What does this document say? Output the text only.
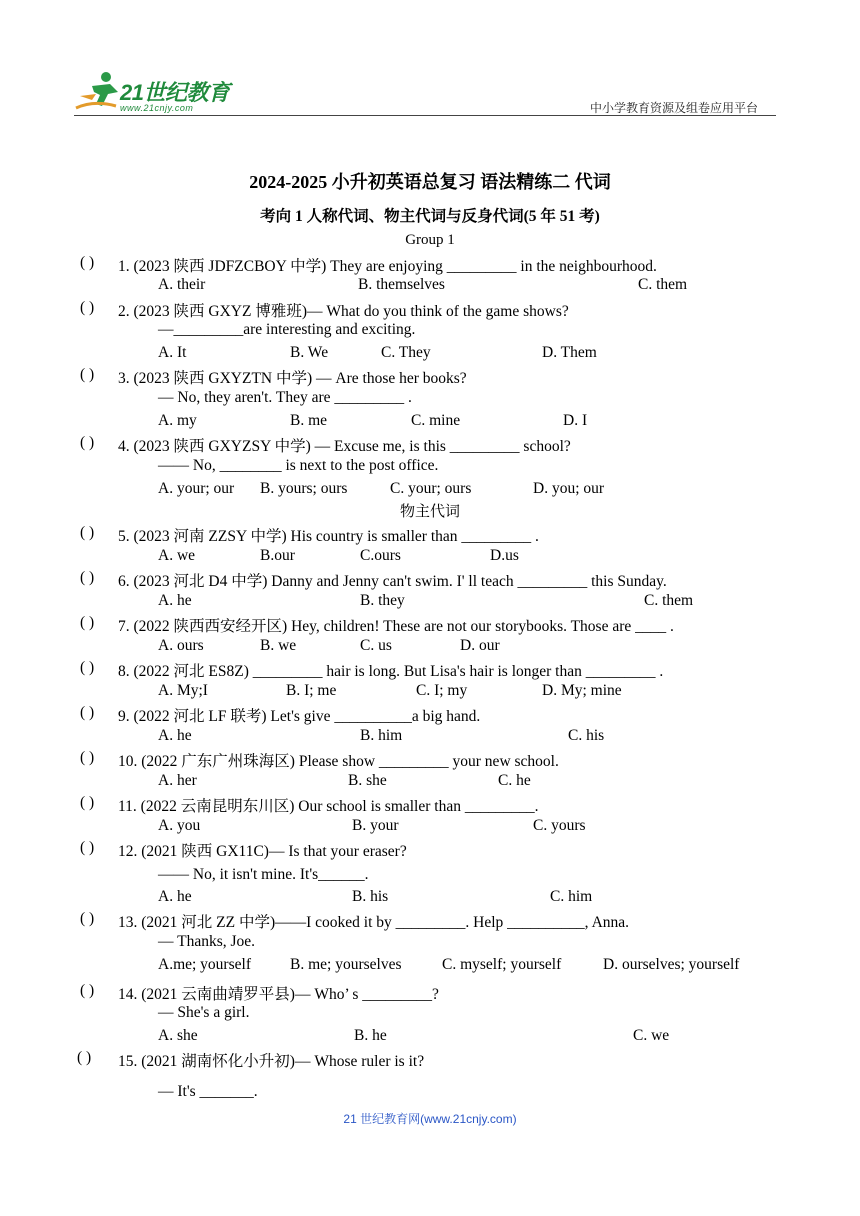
21世纪教育
www.21cnjy.com	中小学教育资源及组卷应用平台
2024-2025 小升初英语总复习 语法精练二 代词
考向 1 人称代词、物主代词与反身代词(5 年 51 考)
Group 1
物主代词
( ) 1. (2023 陕西 JDFZCBOY 中学) They are enjoying _________ in the neighbourhood.
A. their	B. themselves	C. them
( ) 2. (2023 陕西 GXYZ 博雅班)— What do you think of the game shows?
—_________are interesting and exciting.
A. It	B. We	C. They	D. Them
( ) 3. (2023 陕西 GXYZTN 中学) — Are those her books?
— No, they aren't. They are _________ .
A. my	B. me	C. mine	D. I
( ) 4. (2023 陕西 GXYZSY 中学) — Excuse me, is this _________ school?
—— No, ________ is next to the post office.
A. your; our B. yours; ours	C. your; ours	D. you; our
( ) 5. (2023 河南 ZZSY 中学) His country is smaller than _________ .
A. we	B.our	C.ours	D.us
( ) 6. (2023 河北 D4 中学) Danny and Jenny can't swim. I' ll teach _________ this Sunday.
A. he	B. they	C. them
( ) 7. (2022 陕西西安经开区) Hey, children! These are not our storybooks. Those are ____ .
A. ours	B. we	C. us	D. our
( ) 8. (2022 河北 ES8Z) _________ hair is long. But Lisa's hair is longer than _________ .
A. My;I	B. I; me	C. I; my	D. My; mine
( ) 9. (2022 河北 LF 联考) Let's give __________a big hand.
A. he	B. him	C. his
( ) 10. (2022 广东广州珠海区) Please show _________ your new school.
A. her	B. she	C. he
( ) 11. (2022 云南昆明东川区) Our school is smaller than _________.
A. you	B. your	C. yours
( ) 12. (2021 陕西 GX11C)— Is that your eraser?
—— No, it isn't mine. It's______.
A. he	B. his	C. him
( ) 13. (2021 河北 ZZ 中学)——I cooked it by _________. Help __________, Anna.
— Thanks, Joe.
A.me; yourself	B. me; yourselves	C. myself; yourself	D. ourselves; yourself
( ) 14. (2021 云南曲靖罗平县)— Who’ s _________?
— She's a girl.
A. she	B. he	C. we
( ) 15. (2021 湖南怀化小升初)— Whose ruler is it?
— It's _______.
21 世纪教育网(www.21cnjy.com)
